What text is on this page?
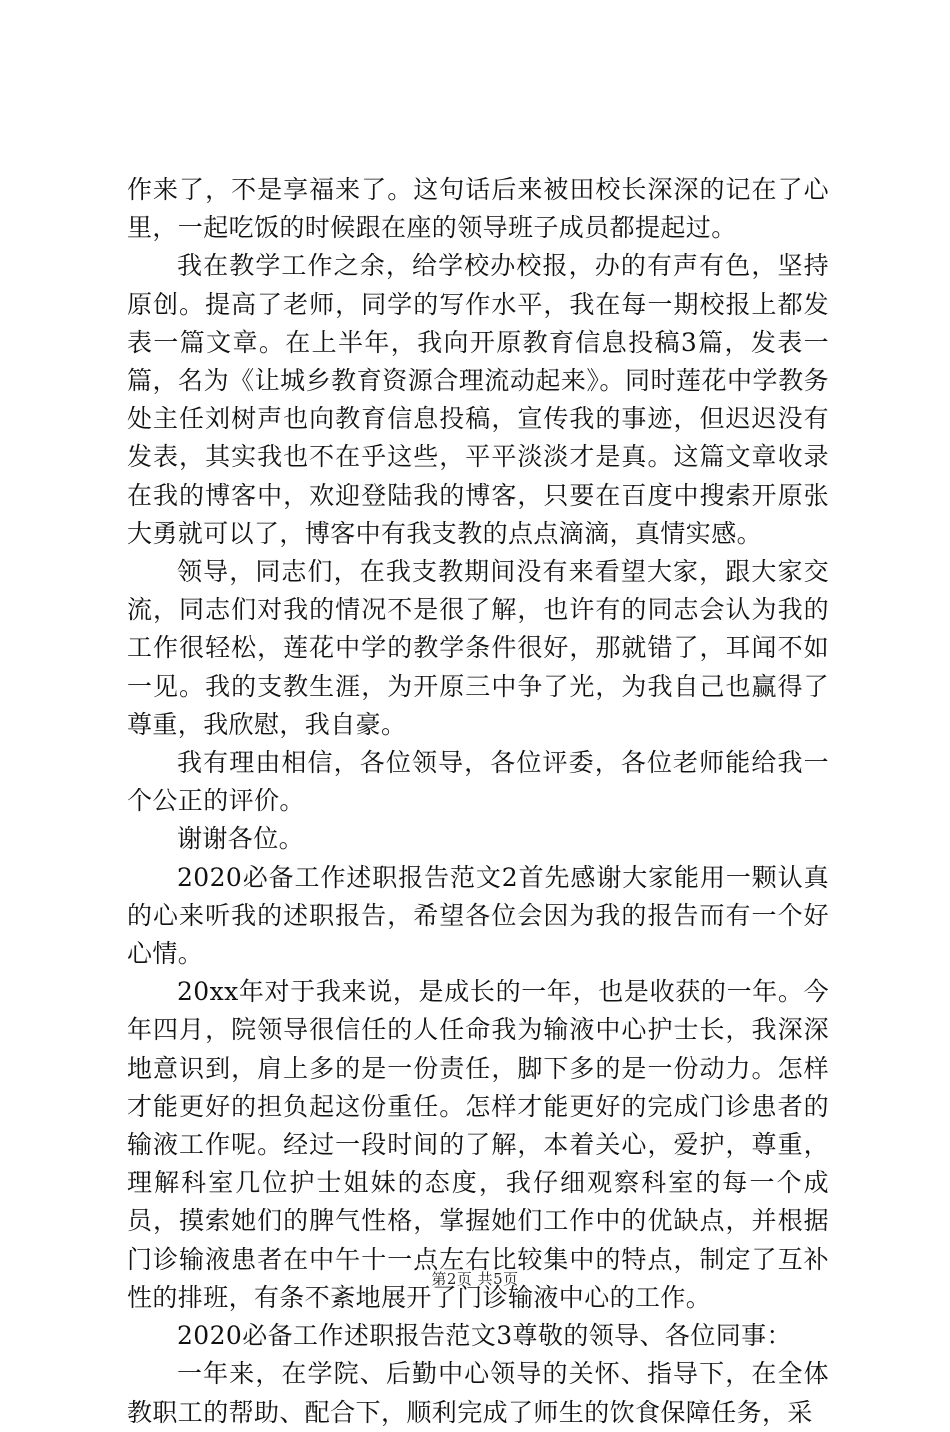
作来了，不是享福来了。这句话后来被田校长深深的记在了心里，一起吃饭的时候跟在座的领导班子成员都提起过。

我在教学工作之余，给学校办校报，办的有声有色，坚持原创。提高了老师，同学的写作水平，我在每一期校报上都发表一篇文章。在上半年，我向开原教育信息投稿3篇，发表一篇，名为《让城乡教育资源合理流动起来》。同时莲花中学教务处主任刘树声也向教育信息投稿，宣传我的事迹，但迟迟没有发表，其实我也不在乎这些，平平淡淡才是真。这篇文章收录在我的博客中，欢迎登陆我的博客，只要在百度中搜索开原张大勇就可以了，博客中有我支教的点点滴滴，真情实感。

领导，同志们，在我支教期间没有来看望大家，跟大家交流，同志们对我的情况不是很了解，也许有的同志会认为我的工作很轻松，莲花中学的教学条件很好，那就错了，耳闻不如一见。我的支教生涯，为开原三中争了光，为我自己也赢得了尊重，我欣慰，我自豪。

我有理由相信，各位领导，各位评委，各位老师能给我一个公正的评价。

谢谢各位。

2020必备工作述职报告范文2首先感谢大家能用一颗认真的心来听我的述职报告，希望各位会因为我的报告而有一个好心情。

20xx年对于我来说，是成长的一年，也是收获的一年。今年四月，院领导很信任的人任命我为输液中心护士长，我深深地意识到，肩上多的是一份责任，脚下多的是一份动力。怎样才能更好的担负起这份重任。怎样才能更好的完成门诊患者的输液工作呢。经过一段时间的了解，本着关心，爱护，尊重，理解科室几位护士姐妹的态度，我仔细观察科室的每一个成员，摸索她们的脾气性格，掌握她们工作中的优缺点，并根据门诊输液患者在中午十一点左右比较集中的特点，制定了互补性的排班，有条不紊地展开了门诊输液中心的工作。

2020必备工作述职报告范文3尊敬的领导、各位同事：

一年来，在学院、后勤中心领导的关怀、指导下，在全体教职工的帮助、配合下，顺利完成了师生的饮食保障任务，采

第2页 共5页
